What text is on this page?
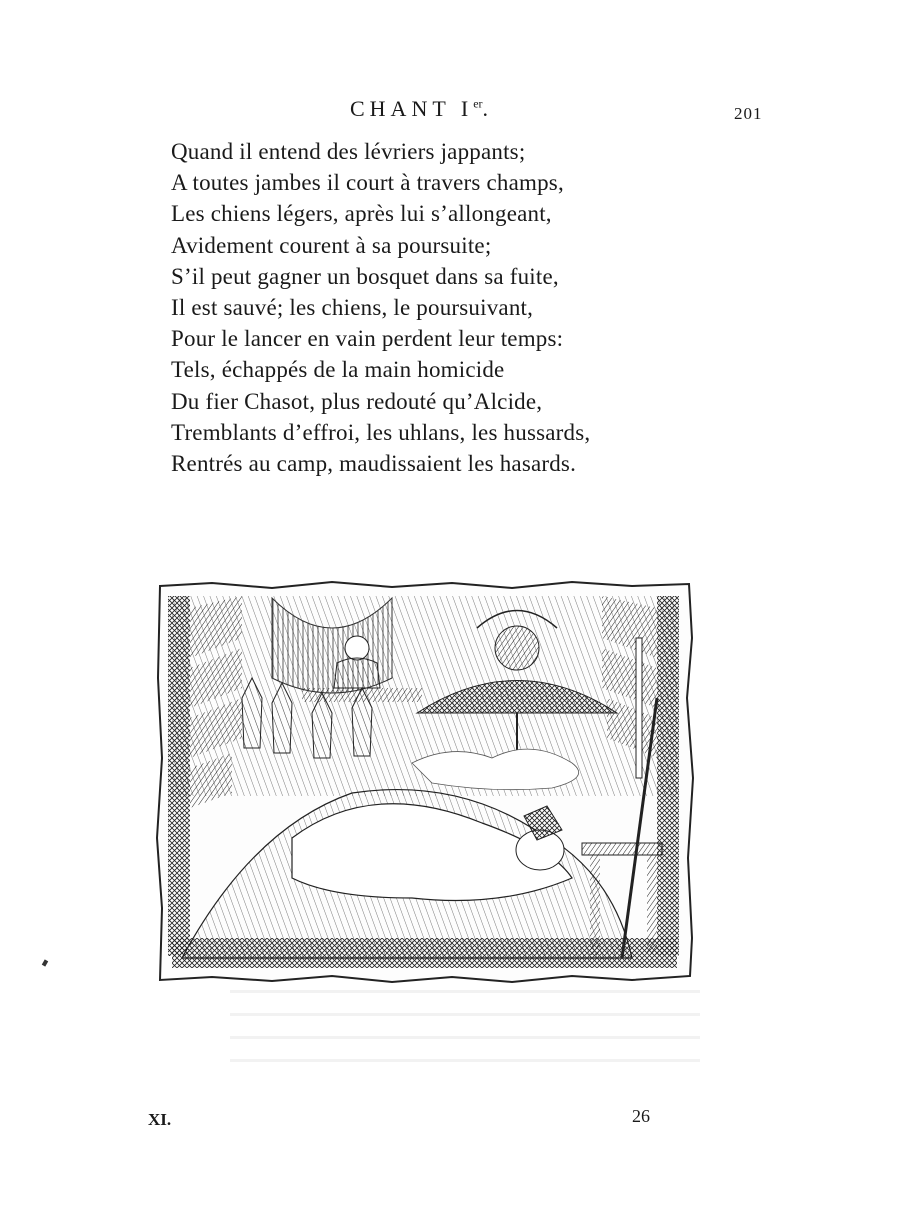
CHANT Ier.	201
Quand il entend des lévriers jappants;
A toutes jambes il court à travers champs,
Les chiens légers, après lui s’allongeant,
Avidement courent à sa poursuite;
S’il peut gagner un bosquet dans sa fuite,
Il est sauvé; les chiens, le poursuivant,
Pour le lancer en vain perdent leur temps:
Tels, échappés de la main homicide
Du fier Chasot, plus redouté qu’Alcide,
Tremblants d’effroi, les uhlans, les hussards,
Rentrés au camp, maudissaient les hasards.
XI.	26
